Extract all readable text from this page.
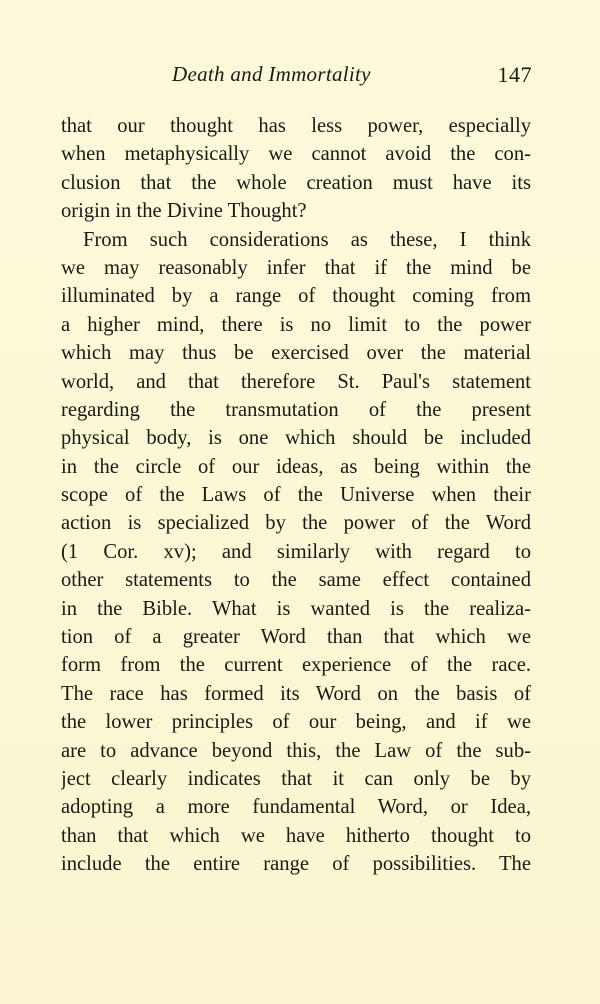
Death and Immortality	147
that our thought has less power, especially
when metaphysically we cannot avoid the con-
clusion that the whole creation must have its
origin in the Divine Thought?
From such considerations as these, I think
we may reasonably infer that if the mind be
illuminated by a range of thought coming from
a higher mind, there is no limit to the power
which may thus be exercised over the material
world, and that therefore St. Paul's statement
regarding the transmutation of the present
physical body, is one which should be included
in the circle of our ideas, as being within the
scope of the Laws of the Universe when their
action is specialized by the power of the Word
(1 Cor. xv); and similarly with regard to
other statements to the same effect contained
in the Bible. What is wanted is the realiza-
tion of a greater Word than that which we
form from the current experience of the race.
The race has formed its Word on the basis of
the lower principles of our being, and if we
are to advance beyond this, the Law of the sub-
ject clearly indicates that it can only be by
adopting a more fundamental Word, or Idea,
than that which we have hitherto thought to
include the entire range of possibilities. The
